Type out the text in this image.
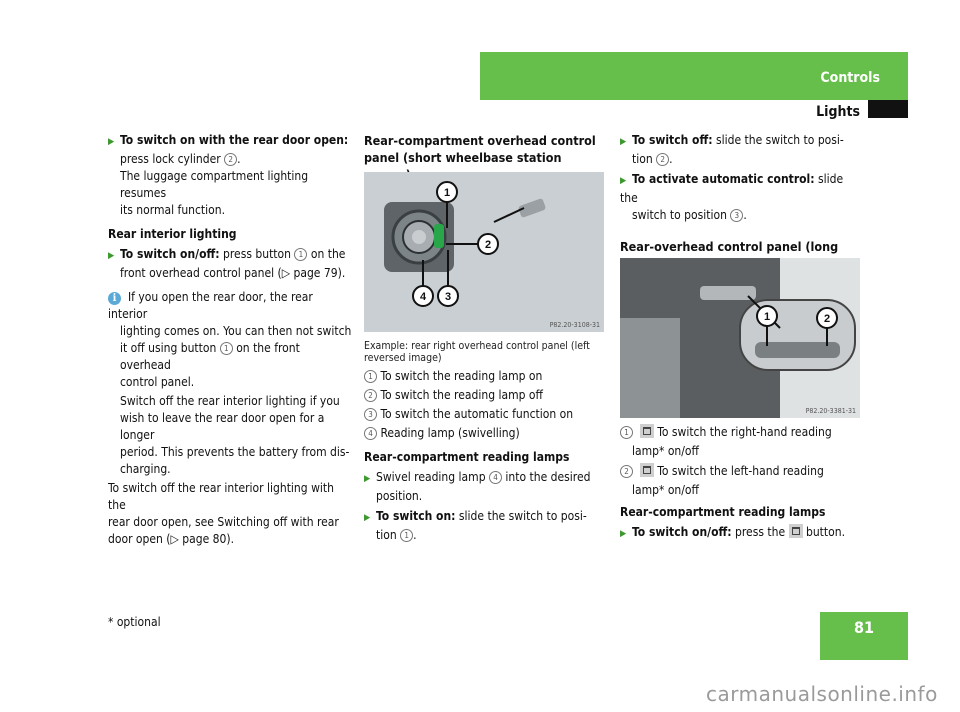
Controls
Lights
▶ To switch on with the rear door open:
press lock cylinder 2 .
The luggage compartment lighting resumes
its normal function.
Rear interior lighting
▶ To switch on/off: press button 1 on the
front overhead control panel (▷ page 79).
i If you open the rear door, the rear interior
lighting comes on. You can then not switch
it off using button 1 on the front overhead
control panel.
Switch off the rear interior lighting if you
wish to leave the rear door open for a longer
period. This prevents the battery from dis-
charging.
To switch off the rear interior lighting with the
rear door open, see Switching off with rear
door open (▷ page 80).
Rear-compartment overhead control
panel (short wheelbase station
1
2
4 3
P82.20-3108-31
Example: rear right overhead control panel (left
reversed image)
1 To switch the reading lamp on
2 To switch the reading lamp off
3 To switch the automatic function on
4 Reading lamp (swivelling)
Rear-compartment reading lamps
▶ Swivel reading lamp 4 into the desired
position.
▶ To switch on: slide the switch to posi-
tion 1 .
▶ To switch off: slide the switch to posi-
tion 2 .
▶ To activate automatic control: slide the
switch to position 3 .
Rear-overhead control panel (long
1	2
P82.20-3381-31
1   To switch the right-hand reading
lamp* on/off
2   To switch the left-hand reading
lamp* on/off
Rear-compartment reading lamps
▶ To switch on/off: press the  button.
* optional	81
carmanualsonline.info
